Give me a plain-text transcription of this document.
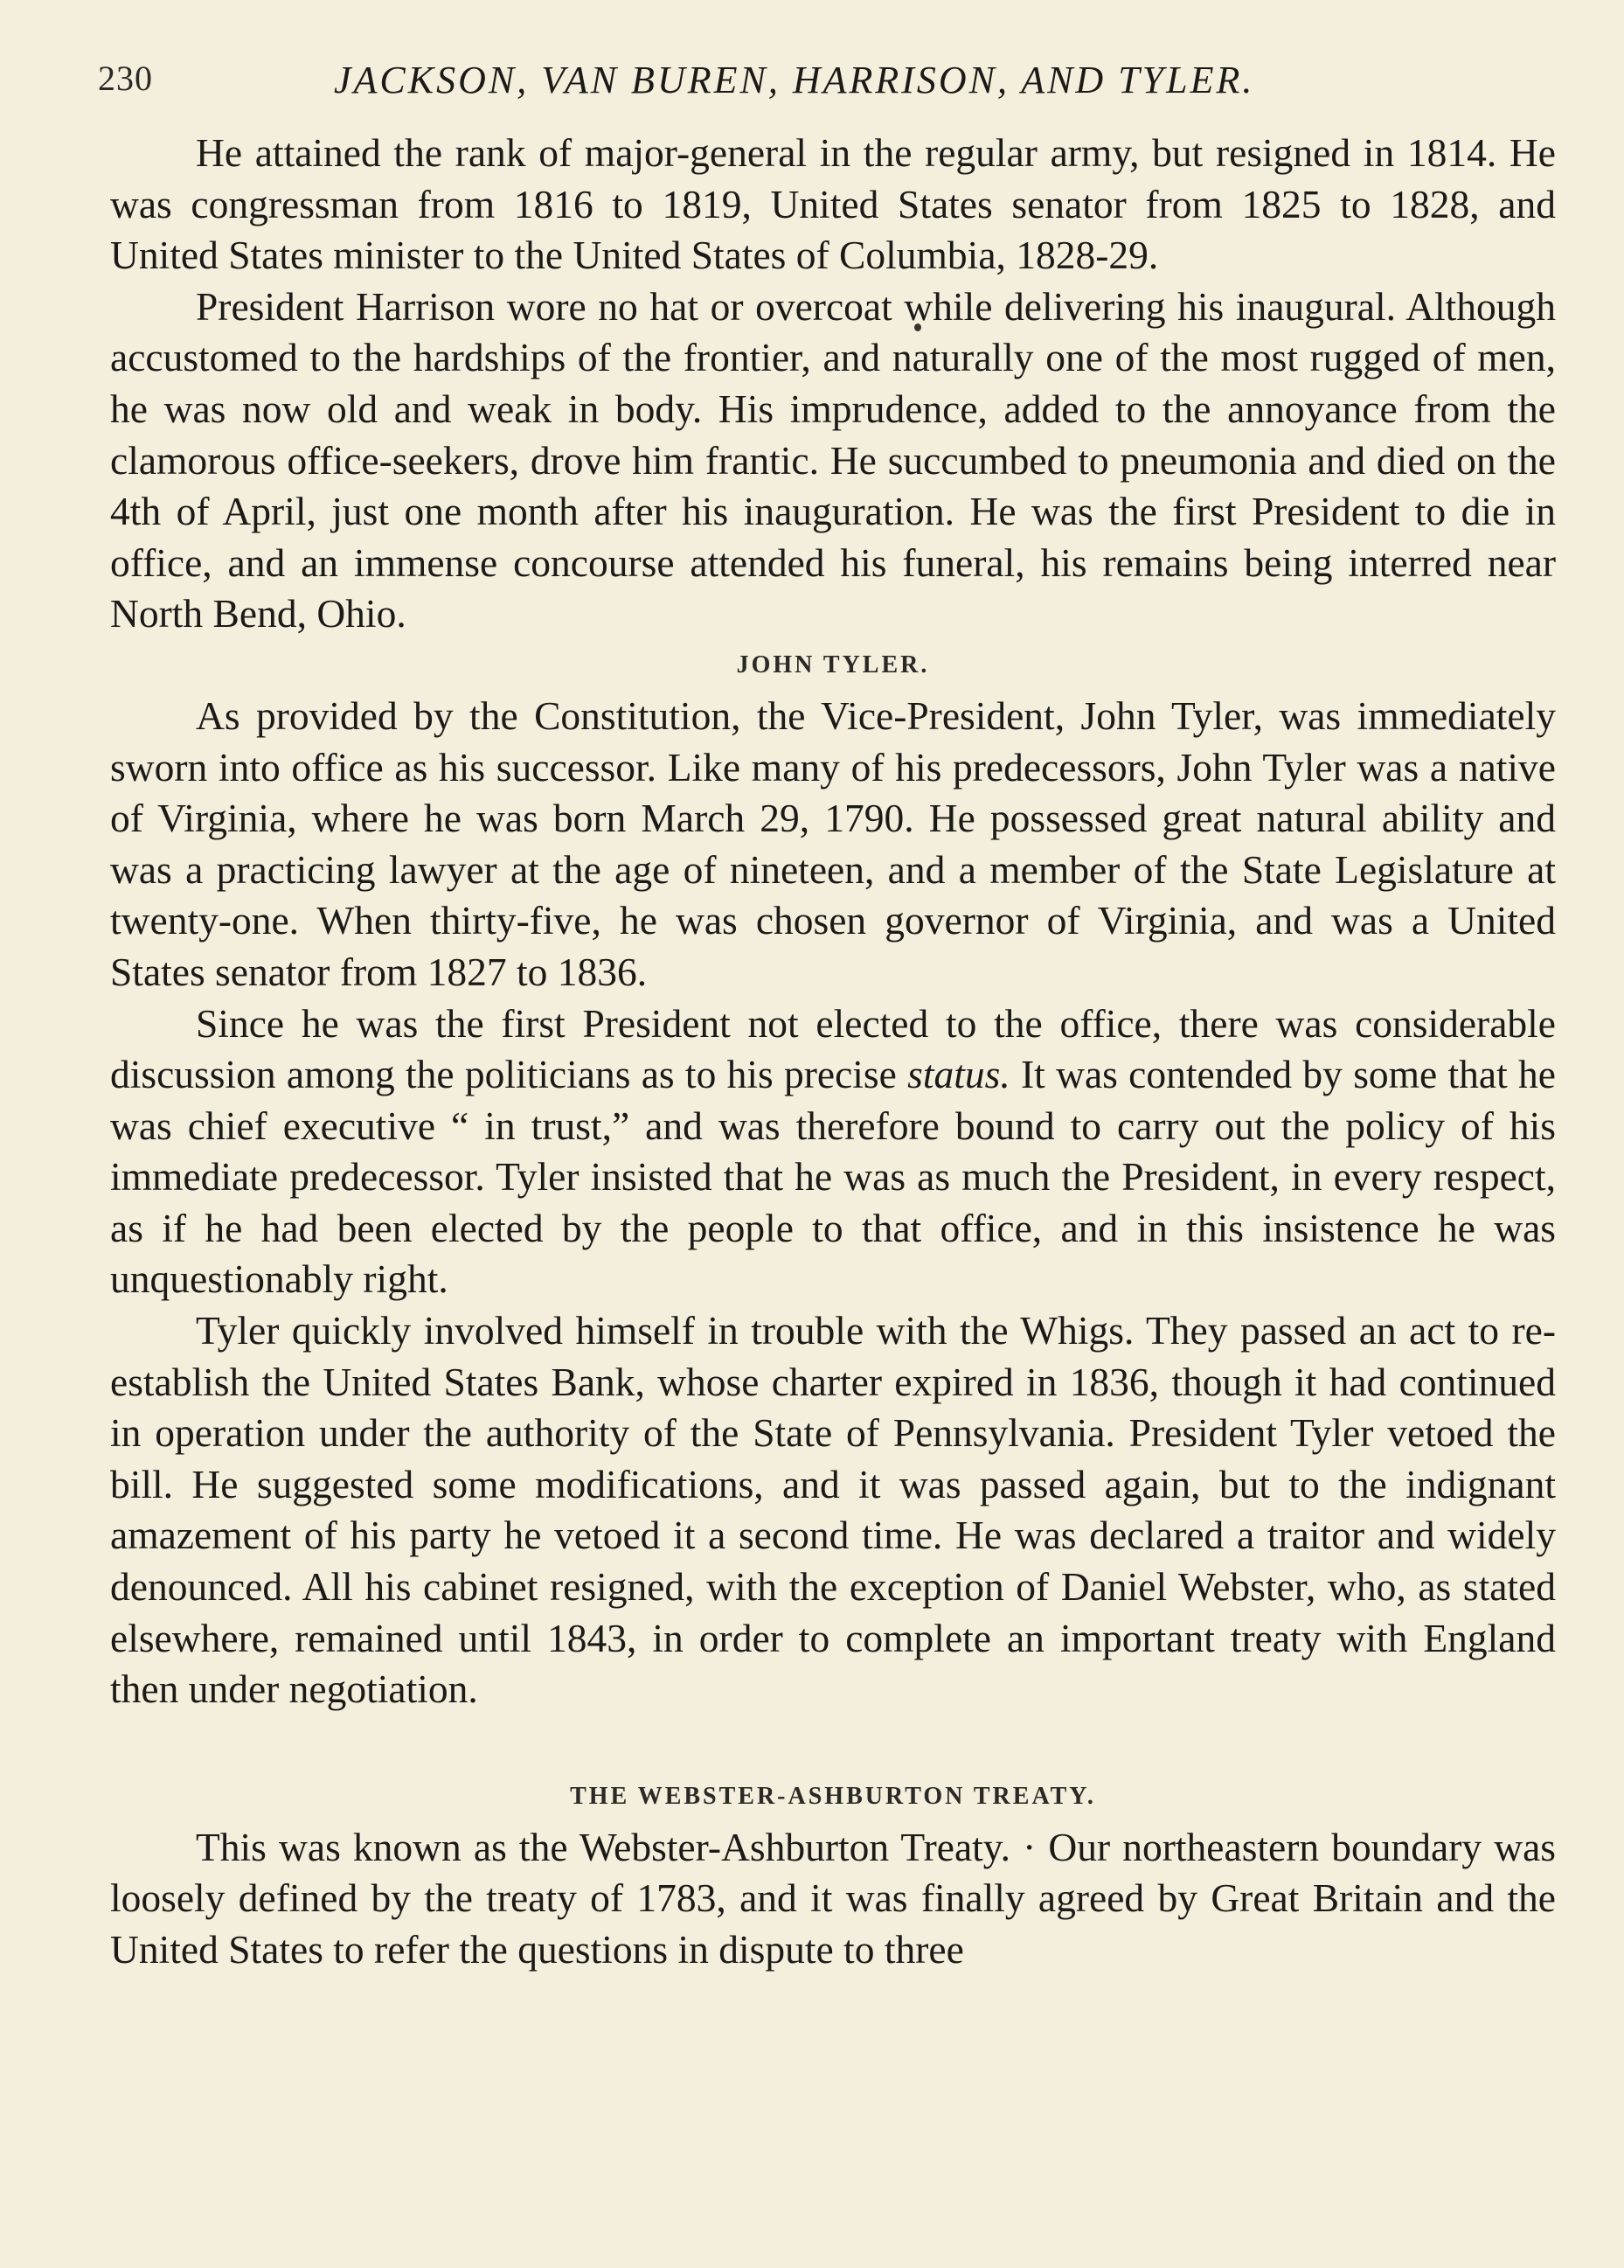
230	JACKSON, VAN BUREN, HARRISON, AND TYLER.

He attained the rank of major-general in the regular army, but resigned in 1814. He was congressman from 1816 to 1819, United States senator from 1825 to 1828, and United States minister to the United States of Columbia, 1828-29.

President Harrison wore no hat or overcoat while delivering his inaugural. Although accustomed to the hardships of the frontier, and naturally one of the most rugged of men, he was now old and weak in body. His imprudence, added to the annoyance from the clamorous office-seekers, drove him frantic. He succumbed to pneumonia and died on the 4th of April, just one month after his inauguration. He was the first President to die in office, and an immense concourse attended his funeral, his remains being interred near North Bend, Ohio.

JOHN TYLER.

As provided by the Constitution, the Vice-President, John Tyler, was immediately sworn into office as his successor. Like many of his predecessors, John Tyler was a native of Virginia, where he was born March 29, 1790. He possessed great natural ability and was a practicing lawyer at the age of nineteen, and a member of the State Legislature at twenty-one. When thirty-five, he was chosen governor of Virginia, and was a United States senator from 1827 to 1836.

Since he was the first President not elected to the office, there was considerable discussion among the politicians as to his precise status. It was contended by some that he was chief executive “ in trust,” and was therefore bound to carry out the policy of his immediate predecessor. Tyler insisted that he was as much the President, in every respect, as if he had been elected by the people to that office, and in this insistence he was unquestionably right.

Tyler quickly involved himself in trouble with the Whigs. They passed an act to re-establish the United States Bank, whose charter expired in 1836, though it had continued in operation under the authority of the State of Pennsylvania. President Tyler vetoed the bill. He suggested some modifications, and it was passed again, but to the indignant amazement of his party he vetoed it a second time. He was declared a traitor and widely denounced. All his cabinet resigned, with the exception of Daniel Webster, who, as stated elsewhere, remained until 1843, in order to complete an important treaty with England then under negotiation.

THE WEBSTER-ASHBURTON TREATY.

This was known as the Webster-Ashburton Treaty. · Our northeastern boundary was loosely defined by the treaty of 1783, and it was finally agreed by Great Britain and the United States to refer the questions in dispute to three
